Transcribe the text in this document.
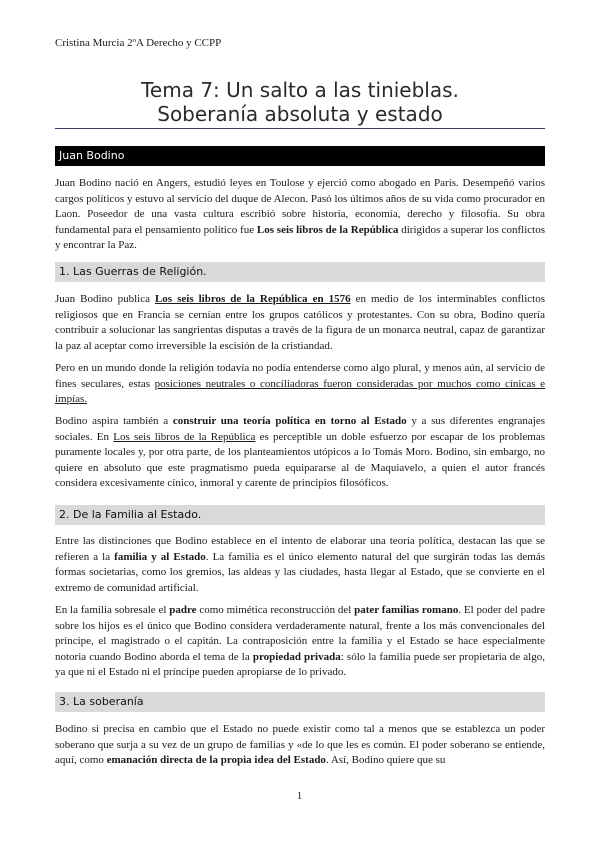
Cristina Murcia 2ºA Derecho y CCPP
Tema 7: Un salto a las tinieblas.
Soberanía absoluta y estado
Juan Bodino

Juan Bodino nació en Angers, estudió leyes en Toulose y ejerció como abogado en París. Desempeñó varios cargos políticos y estuvo al servicio del duque de Alecon. Pasó los últimos años de su vida como procurador en Laon. Poseedor de una vasta cultura escribió sobre historia, economía, derecho y filosofía. Su obra fundamental para el pensamiento político fue Los seis libros de la República dirigidos a superar los conflictos y encontrar la Paz.

1. Las Guerras de Religión.

Juan Bodino publica Los seis libros de la República en 1576 en medio de los interminables conflictos religiosos que en Francia se cernían entre los grupos católicos y protestantes. Con su obra, Bodino quería contribuir a solucionar las sangrientas disputas a través de la figura de un monarca neutral, capaz de garantizar la paz al aceptar como irreversible la escisión de la cristiandad.

Pero en un mundo donde la religión todavía no podía entenderse como algo plural, y menos aún, al servicio de fines seculares, estas posiciones neutrales o conciliadoras fueron consideradas por muchos como cínicas e impías.

Bodino aspira también a construir una teoría política en torno al Estado y a sus diferentes engranajes sociales. En Los seis libros de la República es perceptible un doble esfuerzo por escapar de los problemas puramente locales y, por otra parte, de los planteamientos utópicos a lo Tomás Moro. Bodino, sin embargo, no quiere en absoluto que este pragmatismo pueda equipararse al de Maquiavelo, a quien el autor francés considera excesivamente cínico, inmoral y carente de principios filosóficos.

2. De la Familia al Estado.

Entre las distinciones que Bodino establece en el intento de elaborar una teoría política, destacan las que se refieren a la familia y al Estado. La familia es el único elemento natural del que surgirán todas las demás formas societarias, como los gremios, las aldeas y las ciudades, hasta llegar al Estado, que se convierte en el extremo de comunidad artificial.

En la familia sobresale el padre como mimética reconstrucción del pater familias romano. El poder del padre sobre los hijos es el único que Bodino considera verdaderamente natural, frente a los más convencionales del príncipe, el magistrado o el capitán. La contraposición entre la familia y el Estado se hace especialmente notoria cuando Bodino aborda el tema de la propiedad privada: sólo la familia puede ser propietaria de algo, ya que ni el Estado ni el príncipe pueden apropiarse de lo privado.

3. La soberanía

Bodino si precisa en cambio que el Estado no puede existir como tal a menos que se establezca un poder soberano que surja a su vez de un grupo de familias y «de lo que les es común. El poder soberano se entiende, aquí, como emanación directa de la propia idea del Estado. Así, Bodino quiere que su

1
